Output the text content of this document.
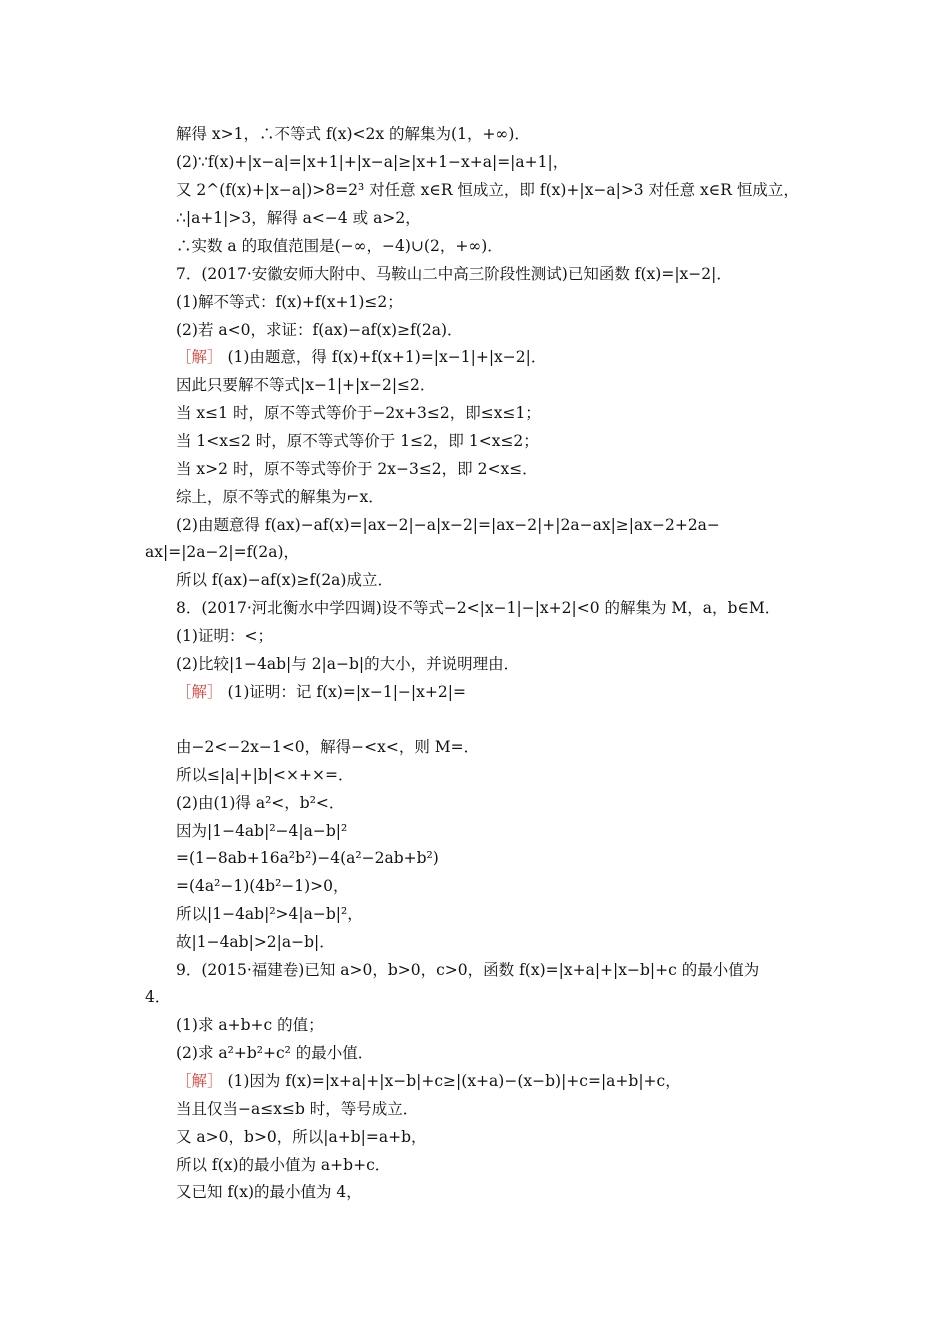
解得 x>1，∴不等式 f(x)<2x 的解集为(1，+∞)．
(2)∵f(x)+|x−a|=|x+1|+|x−a|≥|x+1−x+a|=|a+1|，
又 2^(f(x)+|x−a|)>8=2³ 对任意 x∈R 恒成立，即 f(x)+|x−a|>3 对任意 x∈R 恒成立，
∴|a+1|>3，解得 a<−4 或 a>2，
∴实数 a 的取值范围是(−∞，−4)∪(2，+∞)．
7．(2017·安徽安师大附中、马鞍山二中高三阶段性测试)已知函数 f(x)=|x−2|．
(1)解不等式：f(x)+f(x+1)≤2；
(2)若 a<0，求证：f(ax)−af(x)≥f(2a)．
［解］ (1)由题意，得 f(x)+f(x+1)=|x−1|+|x−2|．
因此只要解不等式|x−1|+|x−2|≤2．
当 x≤1 时，原不等式等价于−2x+3≤2，即≤x≤1；
当 1<x≤2 时，原不等式等价于 1≤2，即 1<x≤2；
当 x>2 时，原不等式等价于 2x−3≤2，即 2<x≤．
综上，原不等式的解集为⌐x．
(2)由题意得 f(ax)−af(x)=|ax−2|−a|x−2|=|ax−2|+|2a−ax|≥|ax−2+2a−
ax|=|2a−2|=f(2a)，
所以 f(ax)−af(x)≥f(2a)成立．
8．(2017·河北衡水中学四调)设不等式−2<|x−1|−|x+2|<0 的解集为 M，a，b∈M．
(1)证明：<；
(2)比较|1−4ab|与 2|a−b|的大小，并说明理由．
［解］ (1)证明：记 f(x)=|x−1|−|x+2|=
由−2<−2x−1<0，解得−<x<，则 M=．
所以≤|a|+|b|<×+×=．
(2)由(1)得 a²<，b²<．
因为|1−4ab|²−4|a−b|²
=(1−8ab+16a²b²)−4(a²−2ab+b²)
=(4a²−1)(4b²−1)>0，
所以|1−4ab|²>4|a−b|²，
故|1−4ab|>2|a−b|．
9．(2015·福建卷)已知 a>0，b>0，c>0，函数 f(x)=|x+a|+|x−b|+c 的最小值为
4．
(1)求 a+b+c 的值；
(2)求 a²+b²+c² 的最小值．
［解］ (1)因为 f(x)=|x+a|+|x−b|+c≥|(x+a)−(x−b)|+c=|a+b|+c，
当且仅当−a≤x≤b 时，等号成立．
又 a>0，b>0，所以|a+b|=a+b，
所以 f(x)的最小值为 a+b+c．
又已知 f(x)的最小值为 4，
